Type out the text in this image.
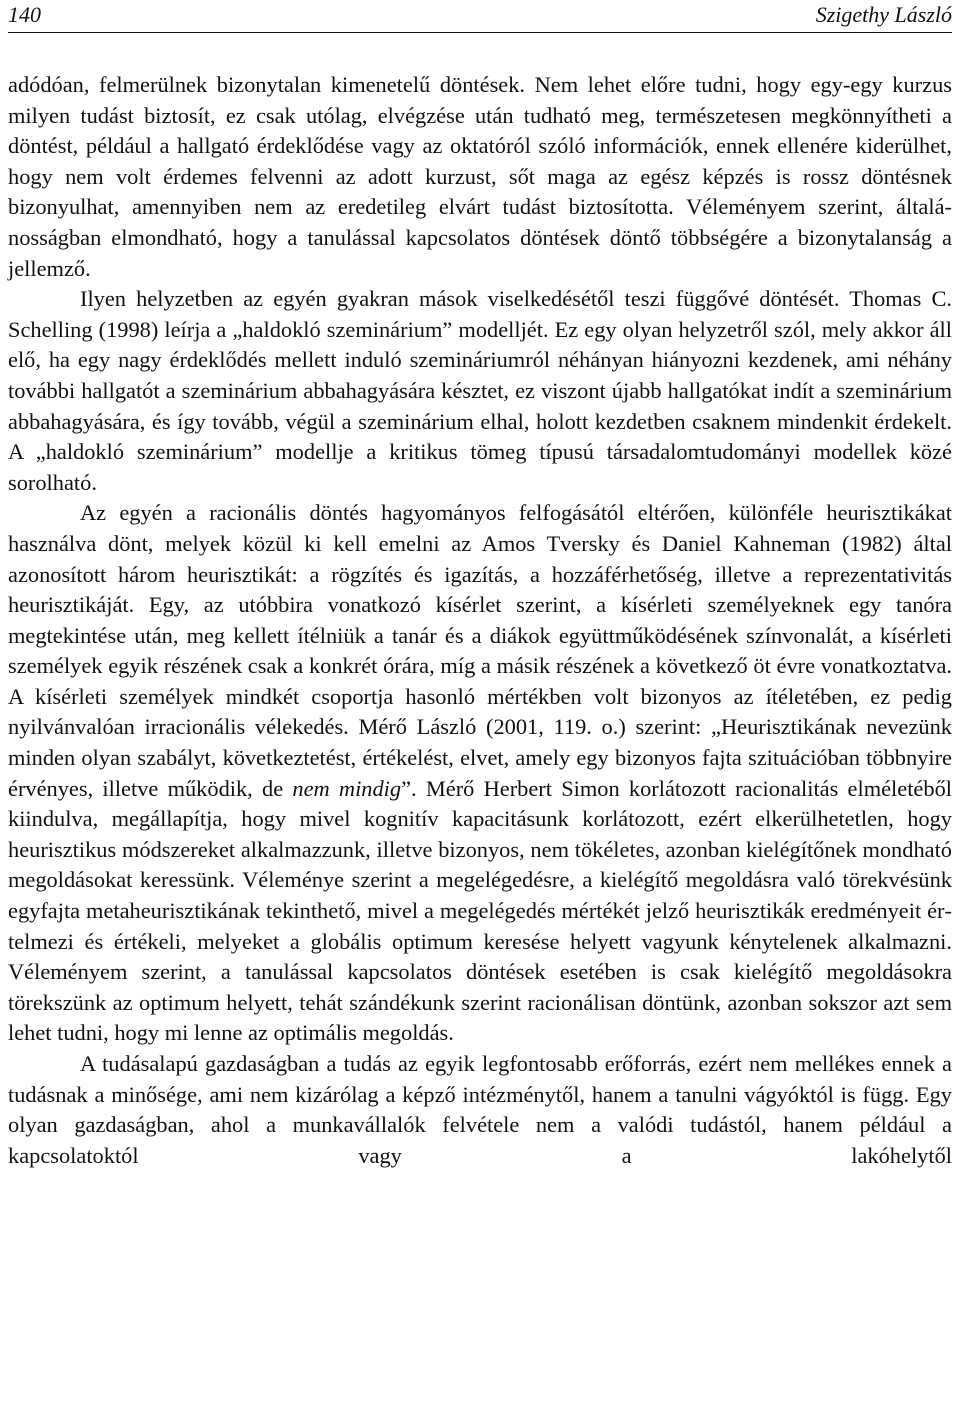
140	Szigethy László

adódóan, felmerülnek bizonytalan kimenetelű döntések. Nem lehet előre tudni, hogy egy-egy kurzus milyen tudást biztosít, ez csak utólag, elvégzése után tudható meg, természetesen megkönnyítheti a döntést, például a hallgató érdeklődése vagy az oktatóról szóló információk, ennek ellenére kiderülhet, hogy nem volt érdemes felvenni az adott kurzust, sőt maga az egész képzés is rossz döntésnek bizonyulhat, amennyiben nem az eredetileg elvárt tudást biztosította. Véleményem szerint, általánosságban elmondható, hogy a tanulással kapcsolatos döntések döntő többségére a bizonytalanság a jellemző.

Ilyen helyzetben az egyén gyakran mások viselkedésétől teszi függővé döntését. Thomas C. Schelling (1998) leírja a „haldokló szeminárium” modelljét. Ez egy olyan helyzetről szól, mely akkor áll elő, ha egy nagy érdeklődés mellett induló szemináriumról néhányan hiányozni kezdenek, ami néhány további hallgatót a szeminárium abbahagyására késztet, ez viszont újabb hallgatókat indít a szeminárium abbahagyására, és így tovább, végül a szeminárium elhal, holott kezdetben csaknem mindenkit érdekelt. A „haldokló szeminárium” modellje a kritikus tömeg típusú társadalomtudományi modellek közé sorolható.

Az egyén a racionális döntés hagyományos felfogásától eltérően, különféle heurisztikákat használva dönt, melyek közül ki kell emelni az Amos Tversky és Daniel Kahneman (1982) által azonosított három heurisztikát: a rögzítés és igazítás, a hozzáférhetőség, illetve a reprezentativitás heurisztikáját. Egy, az utóbbira vonatkozó kísérlet szerint, a kísérleti személyeknek egy tanóra megtekintése után, meg kellett ítélniük a tanár és a diákok együttműködésének színvonalát, a kísérleti személyek egyik részének csak a konkrét órára, míg a másik részének a következő öt évre vonatkoztatva. A kísérleti személyek mindkét csoportja hasonló mértékben volt bizonyos az ítéletében, ez pedig nyilvánvalóan irracionális vélekedés. Mérő László (2001, 119. o.) szerint: „Heurisztikának nevezünk minden olyan szabályt, következtetést, értékelést, elvet, amely egy bizonyos fajta szituációban többnyire érvényes, illetve működik, de nem mindig”. Mérő Herbert Simon korlátozott racionalitás elméletéből kiindulva, megállapítja, hogy mivel kognitív kapacitásunk korlátozott, ezért elkerülhetetlen, hogy heurisztikus módszereket alkalmazzunk, illetve bizonyos, nem tökéletes, azonban kielégítőnek mondható megoldásokat keressünk. Véleménye szerint a megelégedésre, a kielégítő megoldásra való törekvésünk egyfajta metaheurisztikának tekinthető, mivel a megelégedés mértékét jelző heurisztikák eredményeit értelmezi és értékeli, melyeket a globális optimum keresése helyett vagyunk kénytelenek alkalmazni. Véleményem szerint, a tanulással kapcsolatos döntések esetében is csak kielégítő megoldásokra törekszünk az optimum helyett, tehát szándékunk szerint racionálisan döntünk, azonban sokszor azt sem lehet tudni, hogy mi lenne az optimális megoldás.

A tudásalapú gazdaságban a tudás az egyik legfontosabb erőforrás, ezért nem mellékes ennek a tudásnak a minősége, ami nem kizárólag a képző intézménytől, hanem a tanulni vágyóktól is függ. Egy olyan gazdaságban, ahol a munkavállalók felvétele nem a valódi tudástól, hanem például a kapcsolatoktól vagy a lakóhelytől
